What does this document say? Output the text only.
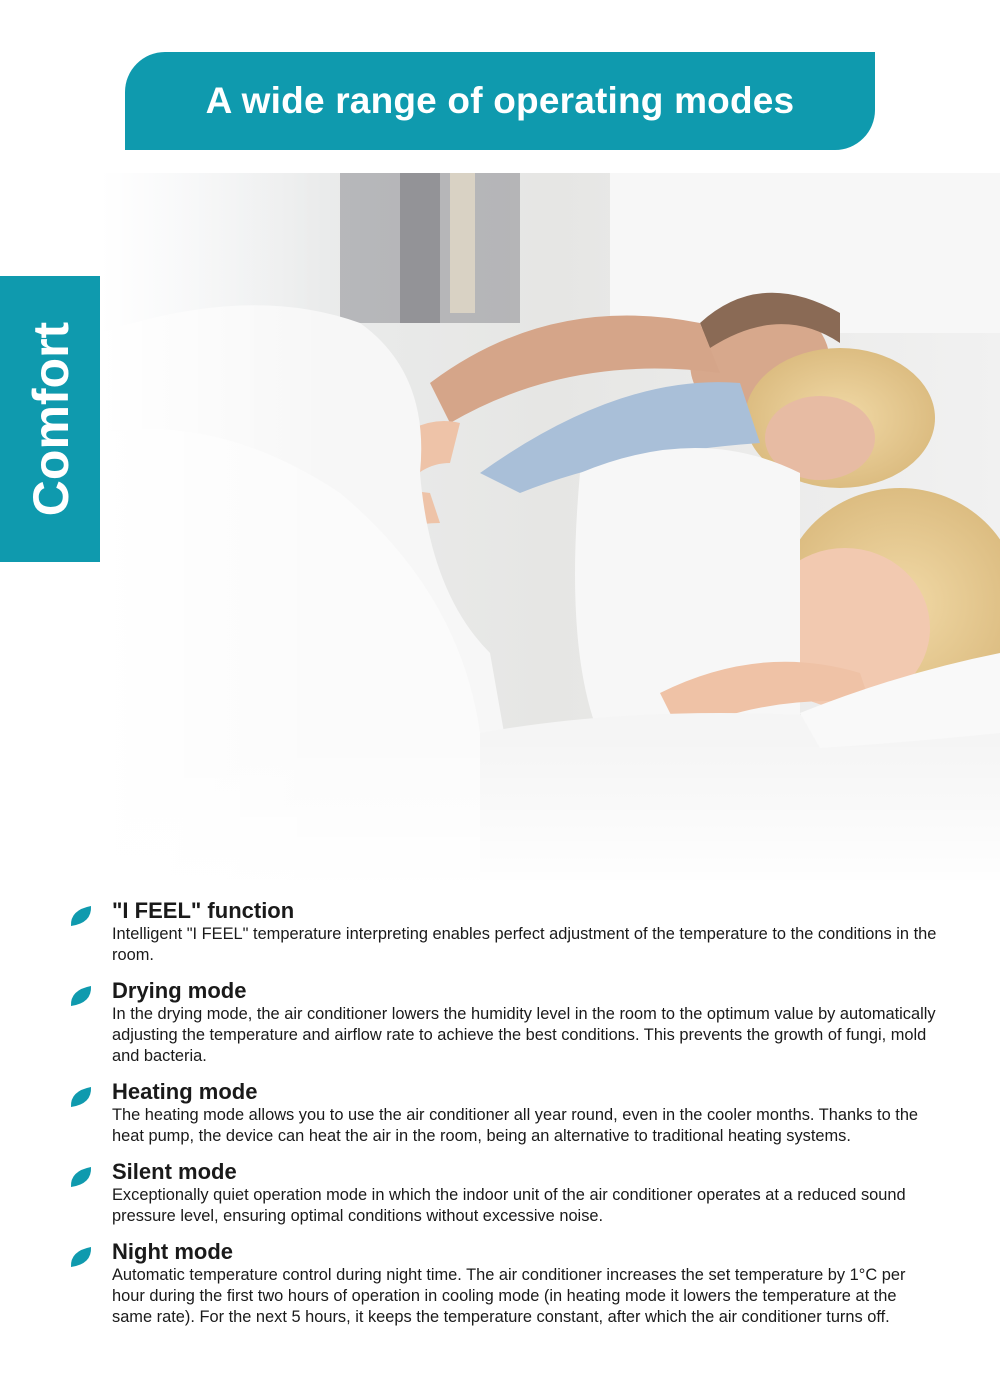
A wide range of operating modes
Comfort
"I FEEL" function

Intelligent "I FEEL" temperature interpreting enables perfect adjustment of the temperature to the conditions in the room.

Drying mode

In the drying mode, the air conditioner lowers the humidity level in the room to the optimum value by automatically adjusting the temperature and airflow rate to achieve the best conditions. This prevents the growth of fungi, mold and bacteria.

Heating mode

The heating mode allows you to use the air conditioner all year round, even in the cooler months. Thanks to the heat pump, the device can heat the air in the room, being an alternative to traditional heating systems.

Silent mode

Exceptionally quiet operation mode in which the indoor unit of the air conditioner operates at a reduced sound pressure level, ensuring optimal conditions without excessive noise.

Night mode

Automatic temperature control during night time. The air conditioner increases the set temperature by 1°C per hour during the first two hours of operation in cooling mode (in heating mode it lowers the temperature at the same rate). For the next 5 hours, it keeps the temperature constant, after which the air conditioner turns off.
